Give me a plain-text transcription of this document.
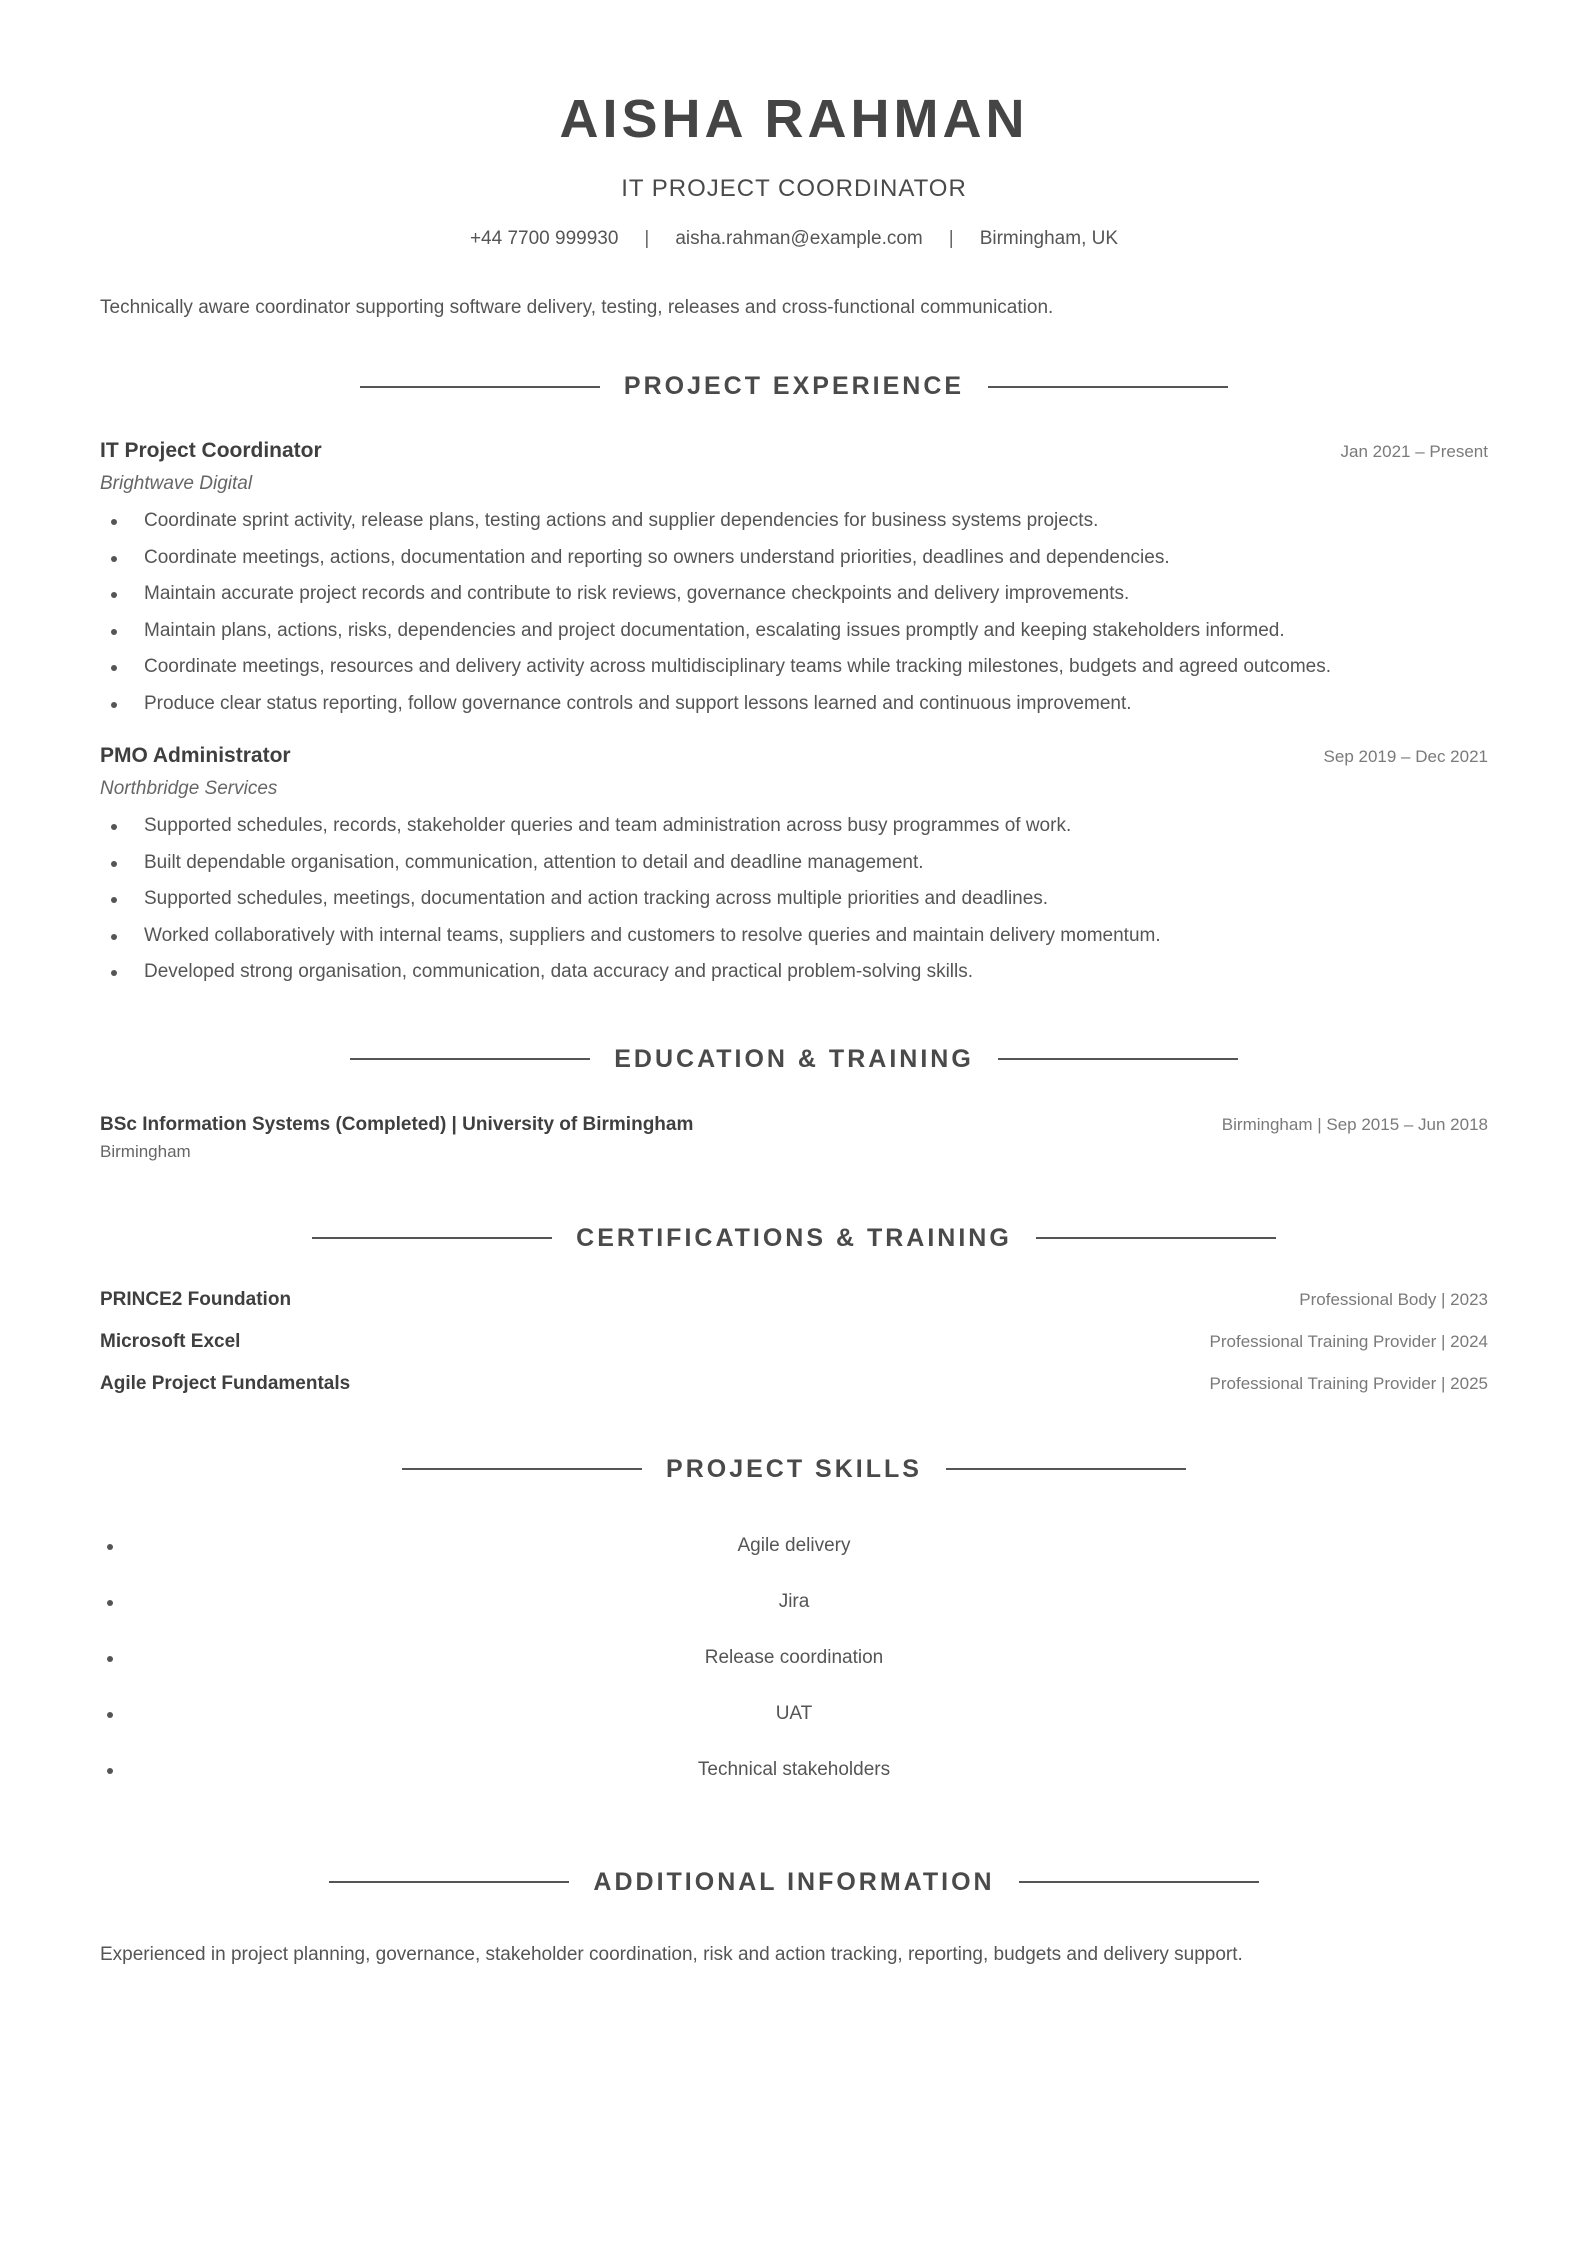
AISHA RAHMAN
IT PROJECT COORDINATOR
+44 7700 999930 | aisha.rahman@example.com | Birmingham, UK
Technically aware coordinator supporting software delivery, testing, releases and cross-functional communication.
PROJECT EXPERIENCE
IT Project Coordinator	Jan 2021 – Present
Brightwave Digital
Coordinate sprint activity, release plans, testing actions and supplier dependencies for business systems projects.
Coordinate meetings, actions, documentation and reporting so owners understand priorities, deadlines and dependencies.
Maintain accurate project records and contribute to risk reviews, governance checkpoints and delivery improvements.
Maintain plans, actions, risks, dependencies and project documentation, escalating issues promptly and keeping stakeholders informed.
Coordinate meetings, resources and delivery activity across multidisciplinary teams while tracking milestones, budgets and agreed outcomes.
Produce clear status reporting, follow governance controls and support lessons learned and continuous improvement.
PMO Administrator	Sep 2019 – Dec 2021
Northbridge Services
Supported schedules, records, stakeholder queries and team administration across busy programmes of work.
Built dependable organisation, communication, attention to detail and deadline management.
Supported schedules, meetings, documentation and action tracking across multiple priorities and deadlines.
Worked collaboratively with internal teams, suppliers and customers to resolve queries and maintain delivery momentum.
Developed strong organisation, communication, data accuracy and practical problem-solving skills.
EDUCATION & TRAINING
BSc Information Systems (Completed) | University of Birmingham	Birmingham | Sep 2015 – Jun 2018
Birmingham
CERTIFICATIONS & TRAINING
PRINCE2 Foundation	Professional Body | 2023
Microsoft Excel	Professional Training Provider | 2024
Agile Project Fundamentals	Professional Training Provider | 2025
PROJECT SKILLS
Agile delivery
Jira
Release coordination
UAT
Technical stakeholders
ADDITIONAL INFORMATION
Experienced in project planning, governance, stakeholder coordination, risk and action tracking, reporting, budgets and delivery support.
